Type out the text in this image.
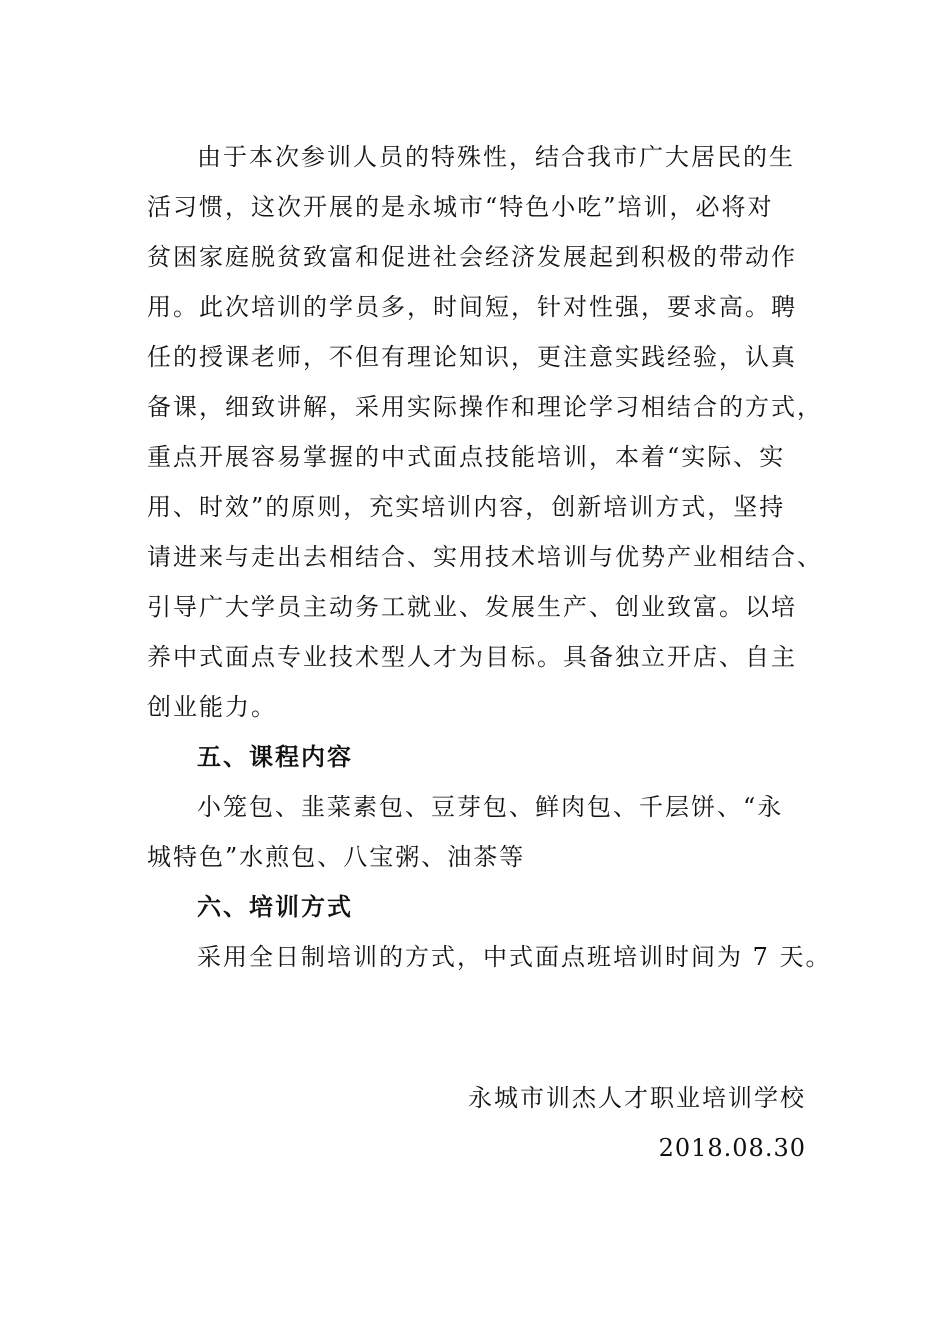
由于本次参训人员的特殊性，结合我市广大居民的生
活习惯，这次开展的是永城市“特色小吃”培训，必将对
贫困家庭脱贫致富和促进社会经济发展起到积极的带动作
用。此次培训的学员多，时间短，针对性强，要求高。聘
任的授课老师，不但有理论知识，更注意实践经验，认真
备课，细致讲解，采用实际操作和理论学习相结合的方式，
重点开展容易掌握的中式面点技能培训，本着“实际、实
用、时效”的原则，充实培训内容，创新培训方式，坚持
请进来与走出去相结合、实用技术培训与优势产业相结合、
引导广大学员主动务工就业、发展生产、创业致富。以培
养中式面点专业技术型人才为目标。具备独立开店、自主
创业能力。
五、课程内容
小笼包、韭菜素包、豆芽包、鲜肉包、千层饼、“永
城特色”水煎包、八宝粥、油茶等
六、培训方式
采用全日制培训的方式，中式面点班培训时间为 7 天。
永城市训杰人才职业培训学校
2018.08.30
